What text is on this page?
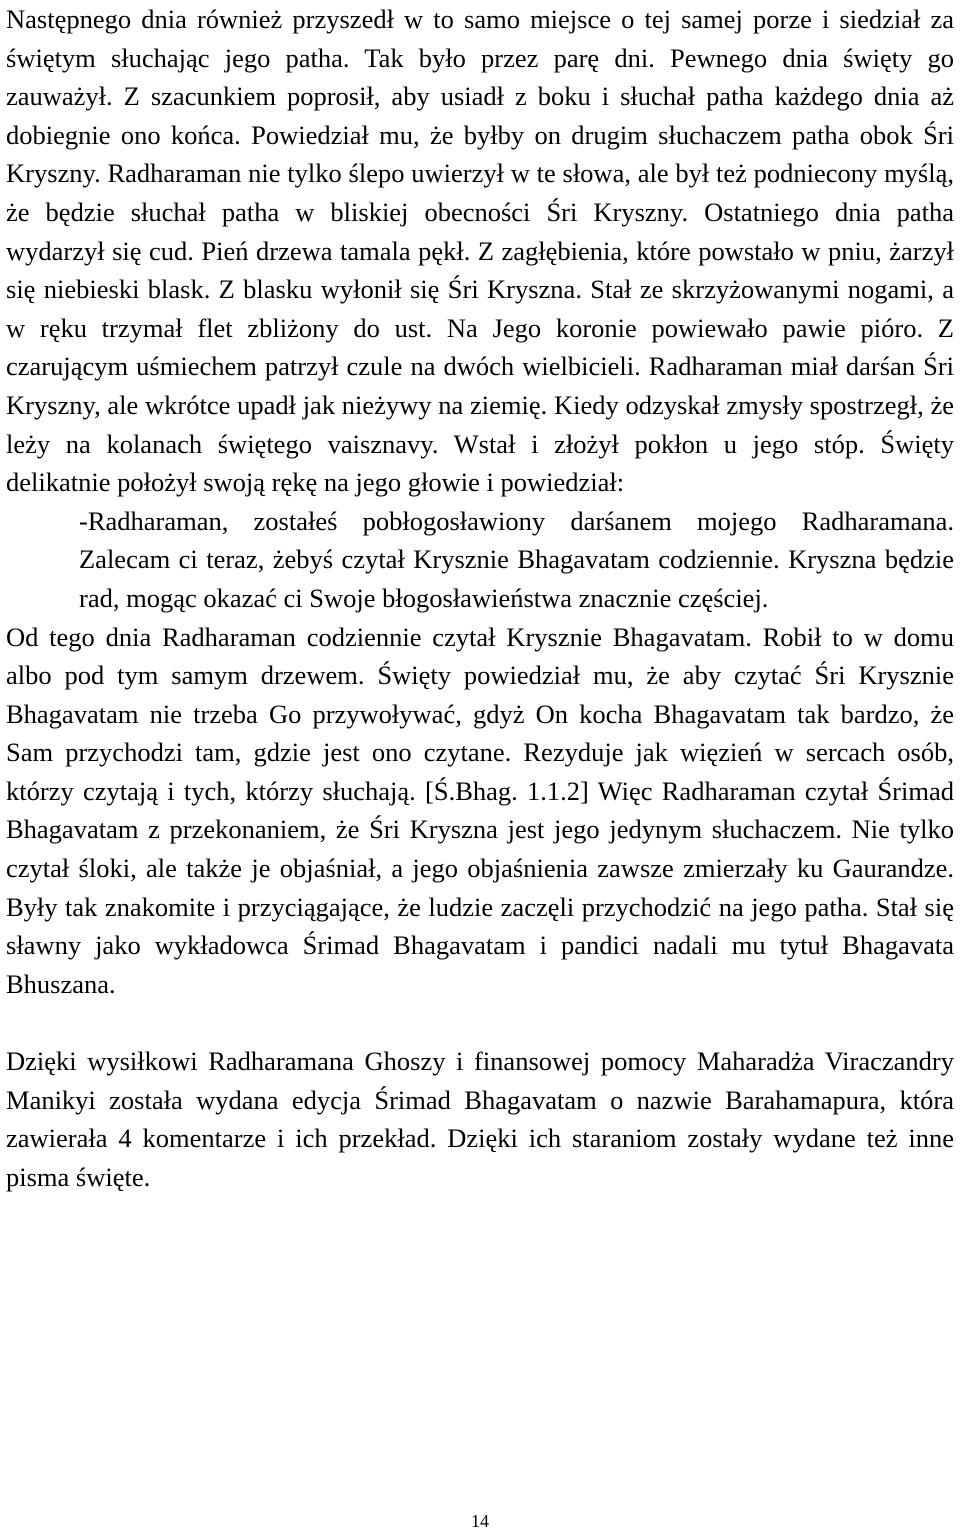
Następnego dnia również przyszedł w to samo miejsce o tej samej porze i siedział za świętym słuchając jego patha. Tak było przez parę dni. Pewnego dnia święty go zauważył. Z szacunkiem poprosił, aby usiadł z boku i słuchał patha każdego dnia aż dobiegnie ono końca. Powiedział mu, że byłby on drugim słuchaczem patha obok Śri Kryszny. Radharaman nie tylko ślepo uwierzył w te słowa, ale był też podniecony myślą, że będzie słuchał patha w bliskiej obecności Śri Kryszny. Ostatniego dnia patha wydarzył się cud. Pień drzewa tamala pękł. Z zagłębienia, które powstało w pniu, żarzył się niebieski blask. Z blasku wyłonił się Śri Kryszna. Stał ze skrzyżowanymi nogami, a w ręku trzymał flet zbliżony do ust. Na Jego koronie powiewało pawie pióro. Z czarującym uśmiechem patrzył czule na dwóch wielbicieli. Radharaman miał darśan Śri Kryszny, ale wkrótce upadł jak nieżywy na ziemię. Kiedy odzyskał zmysły spostrzegł, że leży na kolanach świętego vaisznavy. Wstał i złożył pokłon u jego stóp. Święty delikatnie położył swoją rękę na jego głowie i powiedział:

-Radharaman, zostałeś pobłogosławiony darśanem mojego Radharamana. Zalecam ci teraz, żebyś czytał Krysznie Bhagavatam codziennie. Kryszna będzie rad, mogąc okazać ci Swoje błogosławieństwa znacznie częściej.

Od tego dnia Radharaman codziennie czytał Krysznie Bhagavatam. Robił to w domu albo pod tym samym drzewem. Święty powiedział mu, że aby czytać Śri Krysznie Bhagavatam nie trzeba Go przywoływać, gdyż On kocha Bhagavatam tak bardzo, że Sam przychodzi tam, gdzie jest ono czytane. Rezyduje jak więzień w sercach osób, którzy czytają i tych, którzy słuchają. [Ś.Bhag. 1.1.2] Więc Radharaman czytał Śrimad Bhagavatam z przekonaniem, że Śri Kryszna jest jego jedynym słuchaczem. Nie tylko czytał śloki, ale także je objaśniał, a jego objaśnienia zawsze zmierzały ku Gaurandze. Były tak znakomite i przyciągające, że ludzie zaczęli przychodzić na jego patha. Stał się sławny jako wykładowca Śrimad Bhagavatam i pandici nadali mu tytuł Bhagavata Bhuszana.

Dzięki wysiłkowi Radharamana Ghoszy i finansowej pomocy Maharadża Viraczandry Manikyi została wydana edycja Śrimad Bhagavatam o nazwie Barahamapura, która zawierała 4 komentarze i ich przekład. Dzięki ich staraniom zostały wydane też inne pisma święte.

14
